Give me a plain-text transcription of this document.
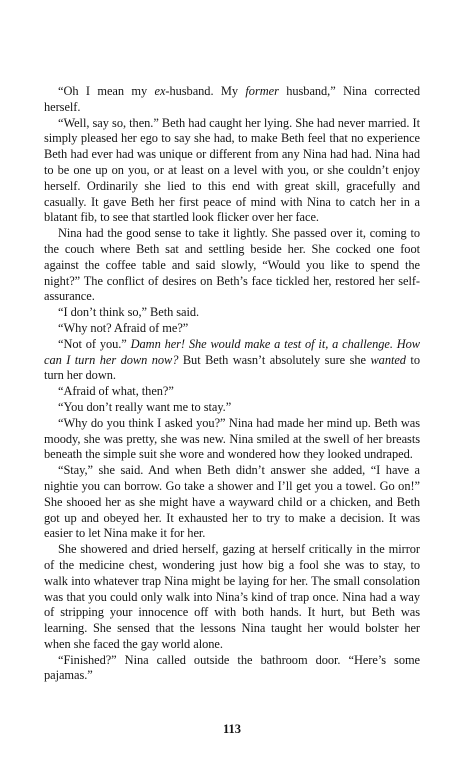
“Oh I mean my ex-husband. My former husband,” Nina corrected herself.

“Well, say so, then.” Beth had caught her lying. She had never married. It simply pleased her ego to say she had, to make Beth feel that no experience Beth had ever had was unique or different from any Nina had had. Nina had to be one up on you, or at least on a level with you, or she couldn’t enjoy herself. Ordinarily she lied to this end with great skill, gracefully and casually. It gave Beth her first peace of mind with Nina to catch her in a blatant fib, to see that startled look flicker over her face.

Nina had the good sense to take it lightly. She passed over it, coming to the couch where Beth sat and settling beside her. She cocked one foot against the coffee table and said slowly, “Would you like to spend the night?” The conflict of desires on Beth’s face tickled her, restored her self-assurance.

“I don’t think so,” Beth said.

“Why not? Afraid of me?”

“Not of you.” Damn her! She would make a test of it, a challenge. How can I turn her down now? But Beth wasn’t absolutely sure she wanted to turn her down.

“Afraid of what, then?”

“You don’t really want me to stay.”

“Why do you think I asked you?” Nina had made her mind up. Beth was moody, she was pretty, she was new. Nina smiled at the swell of her breasts beneath the simple suit she wore and wondered how they looked undraped.

“Stay,” she said. And when Beth didn’t answer she added, “I have a nightie you can borrow. Go take a shower and I’ll get you a towel. Go on!” She shooed her as she might have a wayward child or a chicken, and Beth got up and obeyed her. It exhausted her to try to make a decision. It was easier to let Nina make it for her.

She showered and dried herself, gazing at herself critically in the mirror of the medicine chest, wondering just how big a fool she was to stay, to walk into whatever trap Nina might be laying for her. The small consolation was that you could only walk into Nina’s kind of trap once. Nina had a way of stripping your innocence off with both hands. It hurt, but Beth was learning. She sensed that the lessons Nina taught her would bolster her when she faced the gay world alone.

“Finished?” Nina called outside the bathroom door. “Here’s some pajamas.”

113
